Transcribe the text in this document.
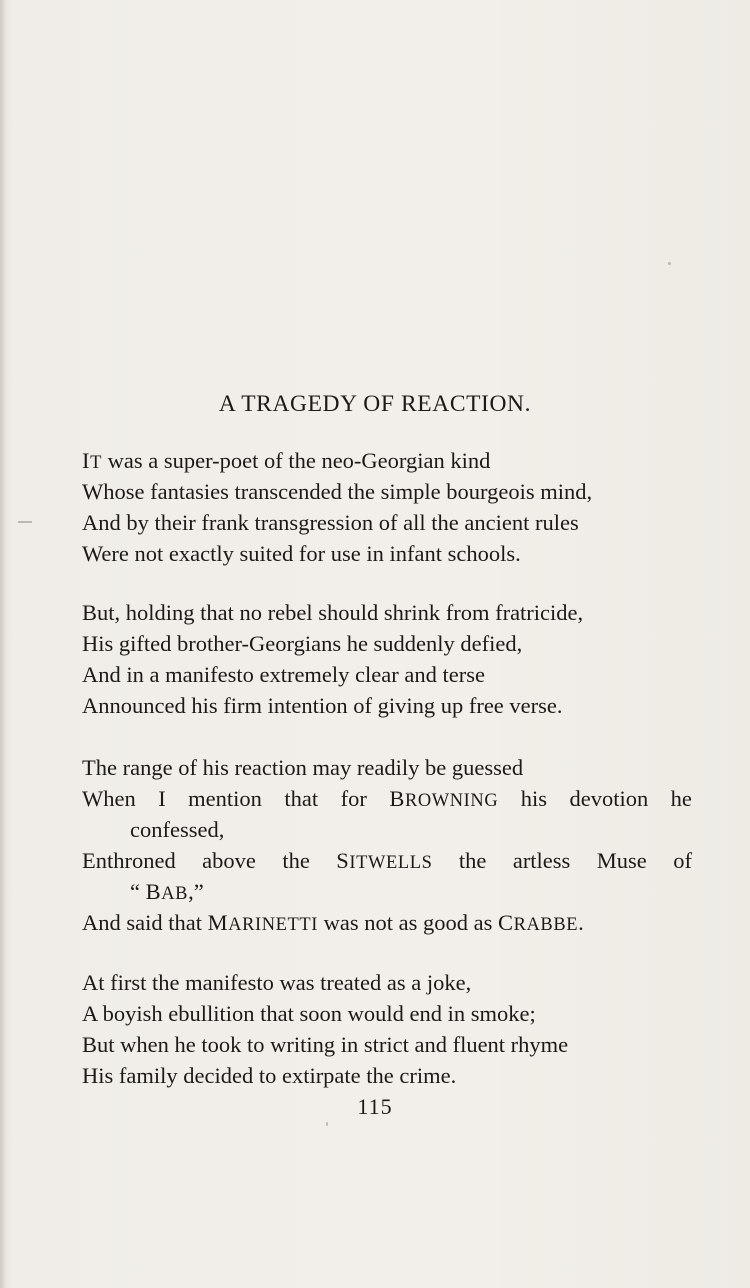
A TRAGEDY OF REACTION.
IT was a super-poet of the neo-Georgian kind
Whose fantasies transcended the simple bourgeois mind,
And by their frank transgression of all the ancient rules
Were not exactly suited for use in infant schools.
But, holding that no rebel should shrink from fratricide,
His gifted brother-Georgians he suddenly defied,
And in a manifesto extremely clear and terse
Announced his firm intention of giving up free verse.
The range of his reaction may readily be guessed
When I mention that for BROWNING his devotion he
confessed,
Enthroned above the SITWELLS the artless Muse of
“ BAB,”
And said that MARINETTI was not as good as CRABBE.
At first the manifesto was treated as a joke,
A boyish ebullition that soon would end in smoke;
But when he took to writing in strict and fluent rhyme
His family decided to extirpate the crime.
115
